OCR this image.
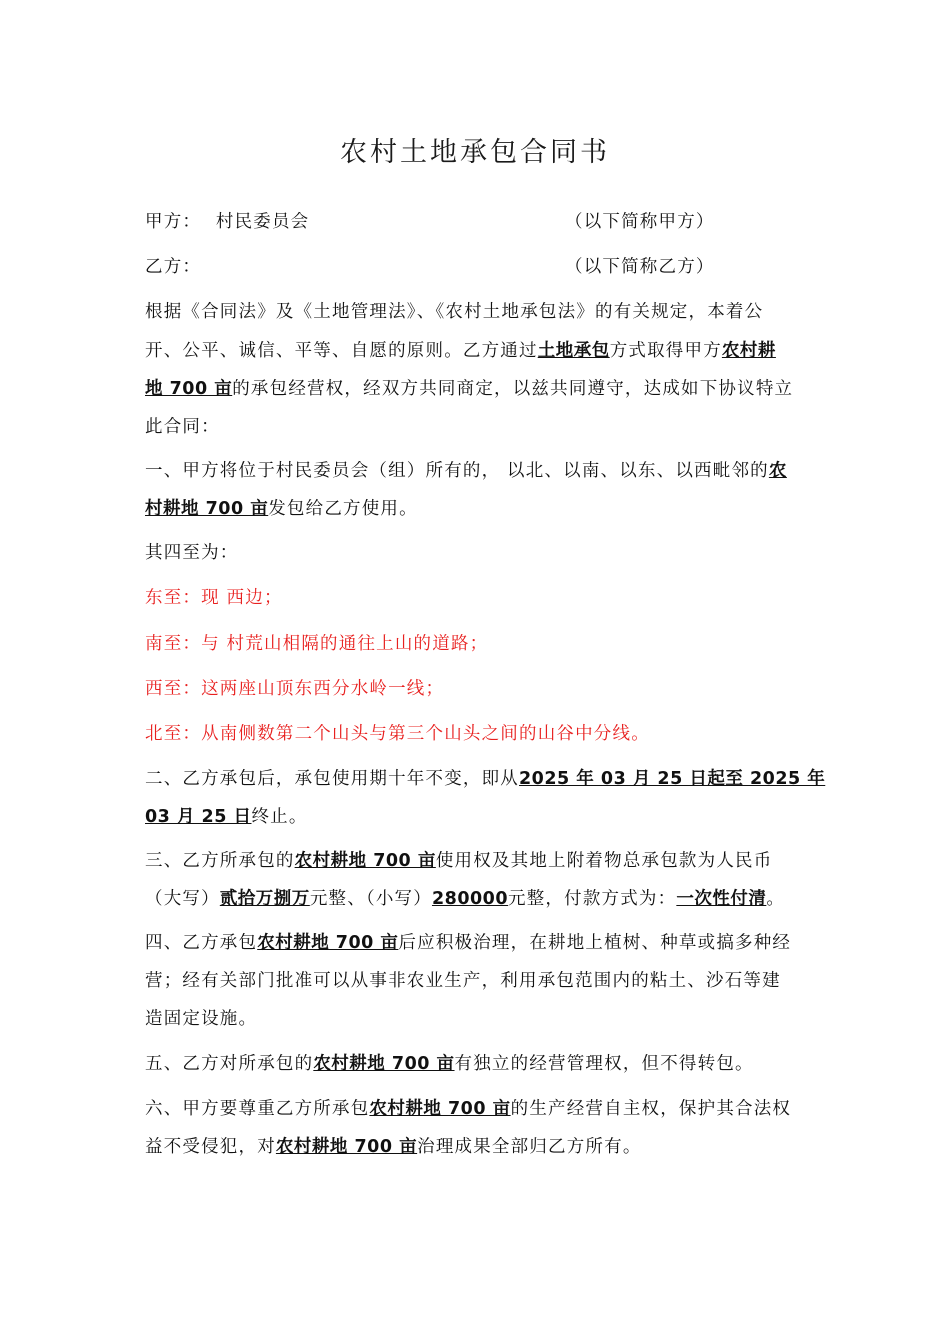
农村土地承包合同书
甲方： 村民委员会	（以下简称甲方）
乙方：	（以下简称乙方）
根据《合同法》及《土地管理法》、《农村土地承包法》的有关规定，本着公
开、公平、诚信、平等、自愿的原则。乙方通过土地承包方式取得甲方农村耕
地 700 亩的承包经营权，经双方共同商定，以兹共同遵守，达成如下协议特立
此合同：
一、甲方将位于村民委员会（组）所有的， 以北、以南、以东、以西毗邻的农
村耕地 700 亩发包给乙方使用。
其四至为：
东至：现 西边；
南至：与 村荒山相隔的通往上山的道路；
西至：这两座山顶东西分水岭一线；
北至：从南侧数第二个山头与第三个山头之间的山谷中分线。
二、乙方承包后，承包使用期十年不变，即从2025 年 03 月 25 日起至 2025 年
03 月 25 日终止。
三、乙方所承包的农村耕地 700 亩使用权及其地上附着物总承包款为人民币
（大写）贰拾万捌万元整、（小写）280000元整，付款方式为：一次性付清。
四、乙方承包农村耕地 700 亩后应积极治理，在耕地上植树、种草或搞多种经
营；经有关部门批准可以从事非农业生产，利用承包范围内的粘土、沙石等建
造固定设施。
五、乙方对所承包的农村耕地 700 亩有独立的经营管理权，但不得转包。
六、甲方要尊重乙方所承包农村耕地 700 亩的生产经营自主权，保护其合法权
益不受侵犯，对农村耕地 700 亩治理成果全部归乙方所有。
